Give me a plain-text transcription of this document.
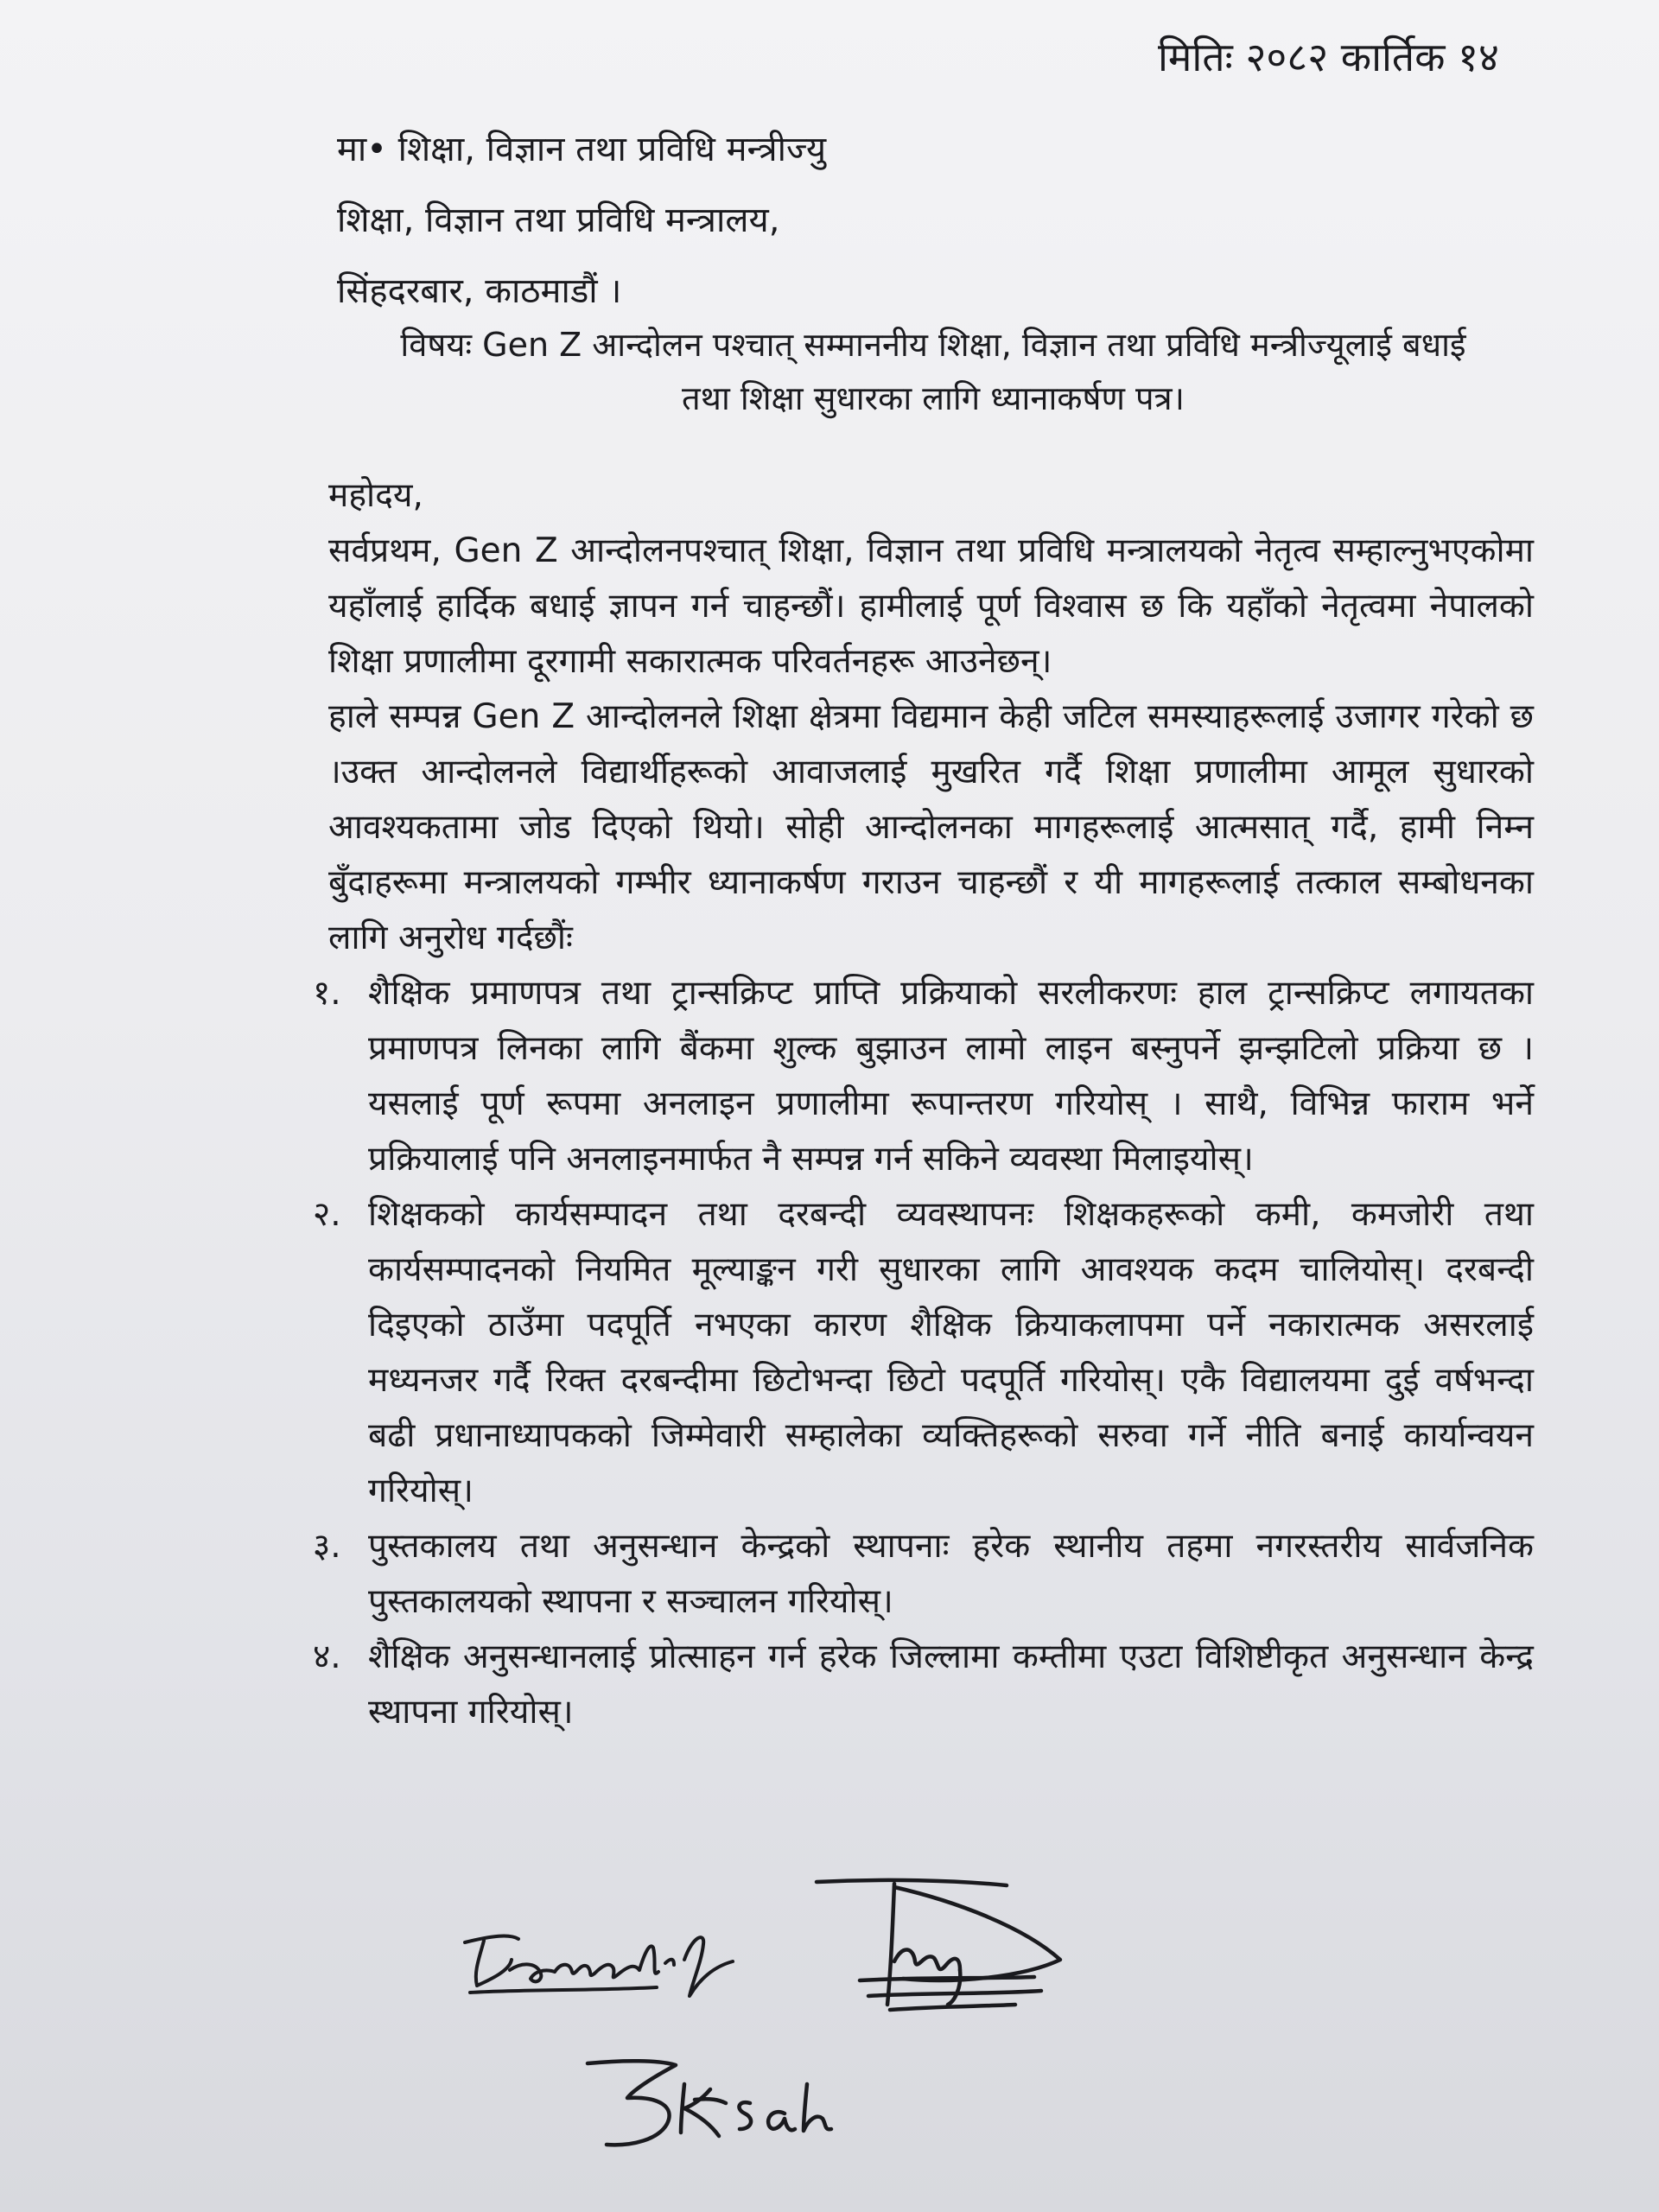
मितिः २०८२ कार्तिक १४
मा• शिक्षा, विज्ञान तथा प्रविधि मन्त्रीज्यु
शिक्षा, विज्ञान तथा प्रविधि मन्त्रालय,
सिंहदरबार, काठमाडौं ।
विषयः Gen Z आन्दोलन पश्चात् सम्माननीय शिक्षा, विज्ञान तथा प्रविधि मन्त्रीज्यूलाई बधाई
तथा शिक्षा सुधारका लागि ध्यानाकर्षण पत्र।

महोदय,

सर्वप्रथम, Gen Z आन्दोलनपश्चात् शिक्षा, विज्ञान तथा प्रविधि मन्त्रालयको नेतृत्व सम्हाल्नुभएकोमा यहाँलाई हार्दिक बधाई ज्ञापन गर्न चाहन्छौं। हामीलाई पूर्ण विश्वास छ कि यहाँको नेतृत्वमा नेपालको शिक्षा प्रणालीमा दूरगामी सकारात्मक परिवर्तनहरू आउनेछन्।

हाले सम्पन्न Gen Z आन्दोलनले शिक्षा क्षेत्रमा विद्यमान केही जटिल समस्याहरूलाई उजागर गरेको छ ।उक्त आन्दोलनले विद्यार्थीहरूको आवाजलाई मुखरित गर्दै शिक्षा प्रणालीमा आमूल सुधारको आवश्यकतामा जोड दिएको थियो। सोही आन्दोलनका मागहरूलाई आत्मसात् गर्दै, हामी निम्न बुँदाहरूमा मन्त्रालयको गम्भीर ध्यानाकर्षण गराउन चाहन्छौं र यी मागहरूलाई तत्काल सम्बोधनका लागि अनुरोध गर्दछौंः

१. शैक्षिक प्रमाणपत्र तथा ट्रान्सक्रिप्ट प्राप्ति प्रक्रियाको सरलीकरणः हाल ट्रान्सक्रिप्ट लगायतका प्रमाणपत्र लिनका लागि बैंकमा शुल्क बुझाउन लामो लाइन बस्नुपर्ने झन्झटिलो प्रक्रिया छ । यसलाई पूर्ण रूपमा अनलाइन प्रणालीमा रूपान्तरण गरियोस् । साथै, विभिन्न फाराम भर्ने प्रक्रियालाई पनि अनलाइनमार्फत नै सम्पन्न गर्न सकिने व्यवस्था मिलाइयोस्।
२. शिक्षकको कार्यसम्पादन तथा दरबन्दी व्यवस्थापनः शिक्षकहरूको कमी, कमजोरी तथा कार्यसम्पादनको नियमित मूल्याङ्कन गरी सुधारका लागि आवश्यक कदम चालियोस्। दरबन्दी दिइएको ठाउँमा पदपूर्ति नभएका कारण शैक्षिक क्रियाकलापमा पर्ने नकारात्मक असरलाई मध्यनजर गर्दै रिक्त दरबन्दीमा छिटोभन्दा छिटो पदपूर्ति गरियोस्। एकै विद्यालयमा दुई वर्षभन्दा बढी प्रधानाध्यापकको जिम्मेवारी सम्हालेका व्यक्तिहरूको सरुवा गर्ने नीति बनाई कार्यान्वयन गरियोस्।
३. पुस्तकालय तथा अनुसन्धान केन्द्रको स्थापनाः हरेक स्थानीय तहमा नगरस्तरीय सार्वजनिक पुस्तकालयको स्थापना र सञ्चालन गरियोस्।
४. शैक्षिक अनुसन्धानलाई प्रोत्साहन गर्न हरेक जिल्लामा कम्तीमा एउटा विशिष्टीकृत अनुसन्धान केन्द्र स्थापना गरियोस्।
